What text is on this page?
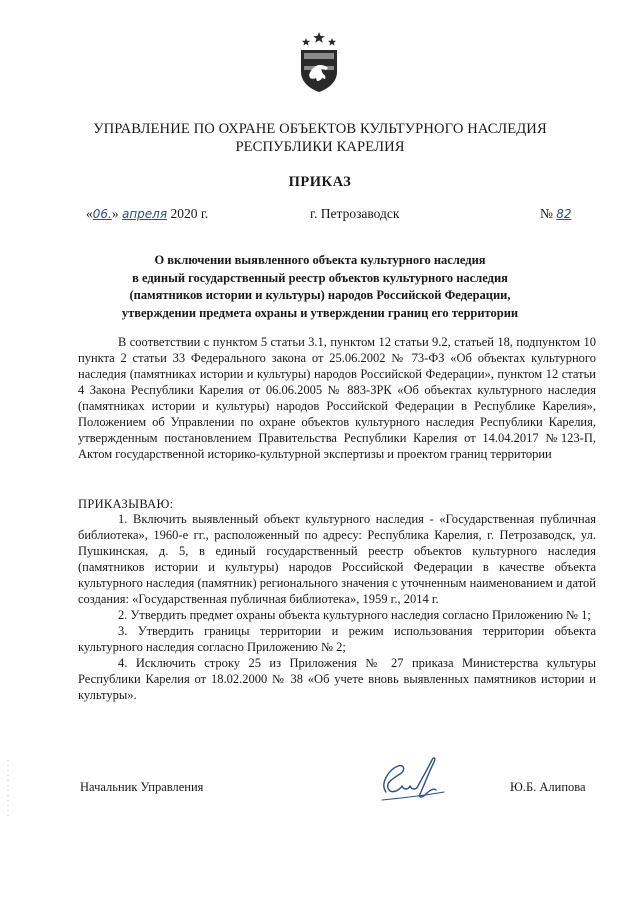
УПРАВЛЕНИЕ ПО ОХРАНЕ ОБЪЕКТОВ КУЛЬТУРНОГО НАСЛЕДИЯ
РЕСПУБЛИКИ КАРЕЛИЯ
ПРИКАЗ
«06.» апреля 2020 г.	г. Петрозаводск	№ 82
О включении выявленного объекта культурного наследия
в единый государственный реестр объектов культурного наследия
(памятников истории и культуры) народов Российской Федерации,
утверждении предмета охраны и утверждении границ его территории

В соответствии с пунктом 5 статьи 3.1, пунктом 12 статьи 9.2, статьей 18, подпунктом 10 пункта 2 статьи 33 Федерального закона от 25.06.2002 № 73-ФЗ «Об объектах культурного наследия (памятниках истории и культуры) народов Российской Федерации», пунктом 12 статьи 4 Закона Республики Карелия от 06.06.2005 № 883-ЗРК «Об объектах культурного наследия (памятниках истории и культуры) народов Российской Федерации в Республике Карелия», Положением об Управлении по охране объектов культурного наследия Республики Карелия, утвержденным постановлением Правительства Республики Карелия от 14.04.2017 №123-П, Актом государственной историко-культурной экспертизы и проектом границ территории

ПРИКАЗЫВАЮ:

1. Включить выявленный объект культурного наследия - «Государственная публичная библиотека», 1960-е гг., расположенный по адресу: Республика Карелия, г. Петрозаводск, ул. Пушкинская, д. 5, в единый государственный реестр объектов культурного наследия (памятников истории и культуры) народов Российской Федерации в качестве объекта культурного наследия (памятник) регионального значения с уточненным наименованием и датой создания: «Государственная публичная библиотека», 1959 г., 2014 г.

2. Утвердить предмет охраны объекта культурного наследия согласно Приложению № 1;

3. Утвердить границы территории и режим использования территории объекта культурного наследия согласно Приложению № 2;

4. Исключить строку 25 из Приложения № 27 приказа Министерства культуры Республики Карелия от 18.02.2000 № 38 «Об учете вновь выявленных памятников истории и культуры».

Начальник Управления	Ю.Б. Алипова
